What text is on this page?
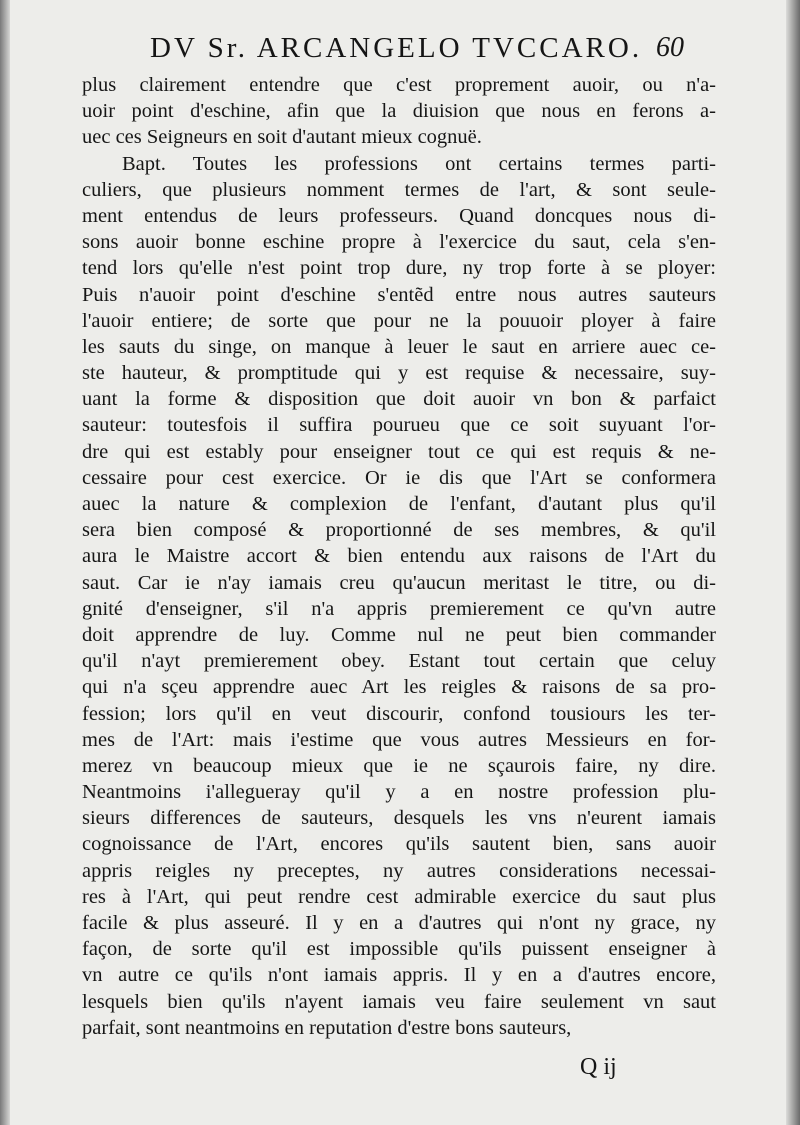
DV Sr. ARCANGELO TVCCARO. 60
plus clairement entendre que c'est proprement auoir, ou n'a-
uoir point d'eschine, afin que la diuision que nous en ferons a-
uec ces Seigneurs en soit d'autant mieux cognuë.
Bapt. Toutes les professions ont certains termes parti-
culiers, que plusieurs nomment termes de l'art, & sont seule-
ment entendus de leurs professeurs. Quand doncques nous di-
sons auoir bonne eschine propre à l'exercice du saut, cela s'en-
tend lors qu'elle n'est point trop dure, ny trop forte à se ployer:
Puis n'auoir point d'eschine s'entẽd entre nous autres sauteurs
l'auoir entiere; de sorte que pour ne la pouuoir ployer à faire
les sauts du singe, on manque à leuer le saut en arriere auec ce-
ste hauteur, & promptitude qui y est requise & necessaire, suy-
uant la forme & disposition que doit auoir vn bon & parfaict
sauteur: toutesfois il suffira pourueu que ce soit suyuant l'or-
dre qui est estably pour enseigner tout ce qui est requis & ne-
cessaire pour cest exercice. Or ie dis que l'Art se conformera
auec la nature & complexion de l'enfant, d'autant plus qu'il
sera bien composé & proportionné de ses membres, & qu'il
aura le Maistre accort & bien entendu aux raisons de l'Art du
saut. Car ie n'ay iamais creu qu'aucun meritast le titre, ou di-
gnité d'enseigner, s'il n'a appris premierement ce qu'vn autre
doit apprendre de luy. Comme nul ne peut bien commander
qu'il n'ayt premierement obey. Estant tout certain que celuy
qui n'a sçeu apprendre auec Art les reigles & raisons de sa pro-
fession; lors qu'il en veut discourir, confond tousiours les ter-
mes de l'Art: mais i'estime que vous autres Messieurs en for-
merez vn beaucoup mieux que ie ne sçaurois faire, ny dire.
Neantmoins i'allegueray qu'il y a en nostre profession plu-
sieurs differences de sauteurs, desquels les vns n'eurent iamais
cognoissance de l'Art, encores qu'ils sautent bien, sans auoir
appris reigles ny preceptes, ny autres considerations necessai-
res à l'Art, qui peut rendre cest admirable exercice du saut plus
facile & plus asseuré. Il y en a d'autres qui n'ont ny grace, ny
façon, de sorte qu'il est impossible qu'ils puissent enseigner à
vn autre ce qu'ils n'ont iamais appris. Il y en a d'autres encore,
lesquels bien qu'ils n'ayent iamais veu faire seulement vn saut
parfait, sont neantmoins en reputation d'estre bons sauteurs,
Q ij
